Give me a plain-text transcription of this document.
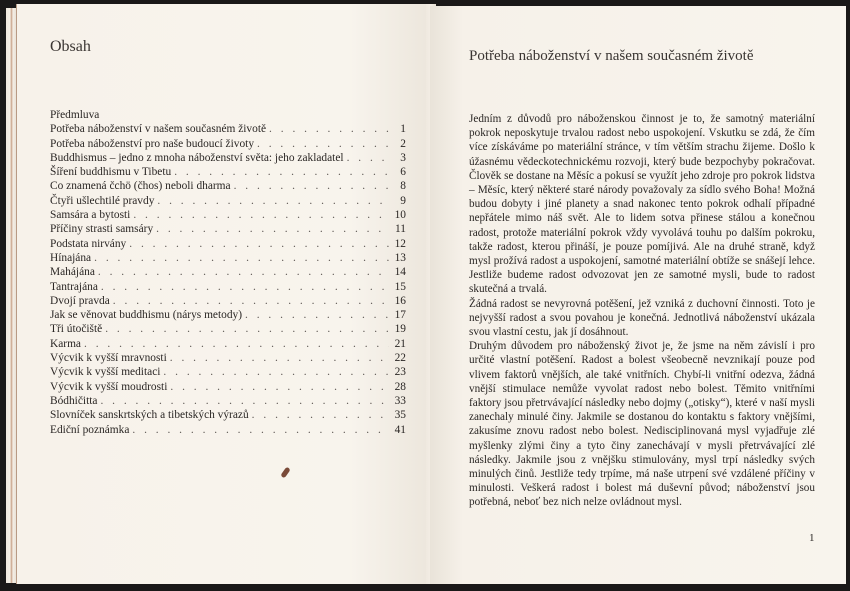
Obsah
Předmluva
Potřeba náboženství v našem současném životě . . .	1
Potřeba náboženství pro naše budoucí životy . . .	2
Buddhismus – jedno z mnoha náboženství světa: jeho zakladatel . . .	3
Šíření buddhismu v Tibetu . . .	6
Co znamená čchö (čhos) neboli dharma . . .	8
Čtyři ušlechtilé pravdy . . .	9
Samsára a bytosti . . .	10
Příčiny strasti samsáry . . .	11
Podstata nirvány . . .	12
Hínajána . . .	13
Mahájána . . .	14
Tantrajána . . .	15
Dvojí pravda . . .	16
Jak se věnovat buddhismu (nárys metody) . . .	17
Tři útočiště . . .	19
Karma . . .	21
Výcvik k vyšší mravnosti . . .	22
Výcvik k vyšší meditaci . . .	23
Výcvik k vyšší moudrosti . . .	28
Bódhičitta . . .	33
Slovníček sanskrtských a tibetských výrazů . . .	35
Ediční poznámka . . .	41
Potřeba náboženství v našem současném životě

Jedním z důvodů pro náboženskou činnost je to, že samotný materiální pokrok neposkytuje trvalou radost nebo uspokojení. Vskutku se zdá, že čím více získáváme po materiální stránce, v tím větším strachu žijeme. Došlo k úžasnému vědeckotechnickému rozvoji, který bude bezpochyby pokračovat. Člověk se dostane na Měsíc a pokusí se využít jeho zdroje pro pokrok lidstva – Měsíc, který některé staré národy považovaly za sídlo svého Boha! Možná budou dobyty i jiné planety a snad nakonec tento pokrok odhalí případné nepřátele mimo náš svět. Ale to lidem sotva přinese stálou a konečnou radost, protože materiální pokrok vždy vyvolává touhu po dalším pokroku, takže radost, kterou přináší, je pouze pomíjivá. Ale na druhé straně, když mysl prožívá radost a uspokojení, samotné materiální obtíže se snášejí lehce. Jestliže budeme radost odvozovat jen ze samotné mysli, bude to radost skutečná a trvalá.

Žádná radost se nevyrovná potěšení, jež vzniká z duchovní činnosti. Toto je nejvyšší radost a svou povahou je konečná. Jednotlivá náboženství ukázala svou vlastní cestu, jak jí dosáhnout.

Druhým důvodem pro náboženský život je, že jsme na něm závislí i pro určité vlastní potěšení. Radost a bolest všeobecně nevznikají pouze pod vlivem faktorů vnějších, ale také vnitřních. Chybí-li vnitřní odezva, žádná vnější stimulace nemůže vyvolat radost nebo bolest. Těmito vnitřními faktory jsou přetrvávající následky nebo dojmy („otisky“), které v naší mysli zanechaly minulé činy. Jakmile se dostanou do kontaktu s faktory vnějšími, zakusíme znovu radost nebo bolest. Nedisciplinovaná mysl vyjadřuje zlé myšlenky zlými činy a tyto činy zanechávají v mysli přetrvávající zlé následky. Jakmile jsou z vnějšku stimulovány, mysl trpí následky svých minulých činů. Jestliže tedy trpíme, má naše utrpení své vzdálené příčiny v minulosti. Veškerá radost i bolest má duševní původ; náboženství jsou potřebná, neboť bez nich nelze ovládnout mysl.

1
